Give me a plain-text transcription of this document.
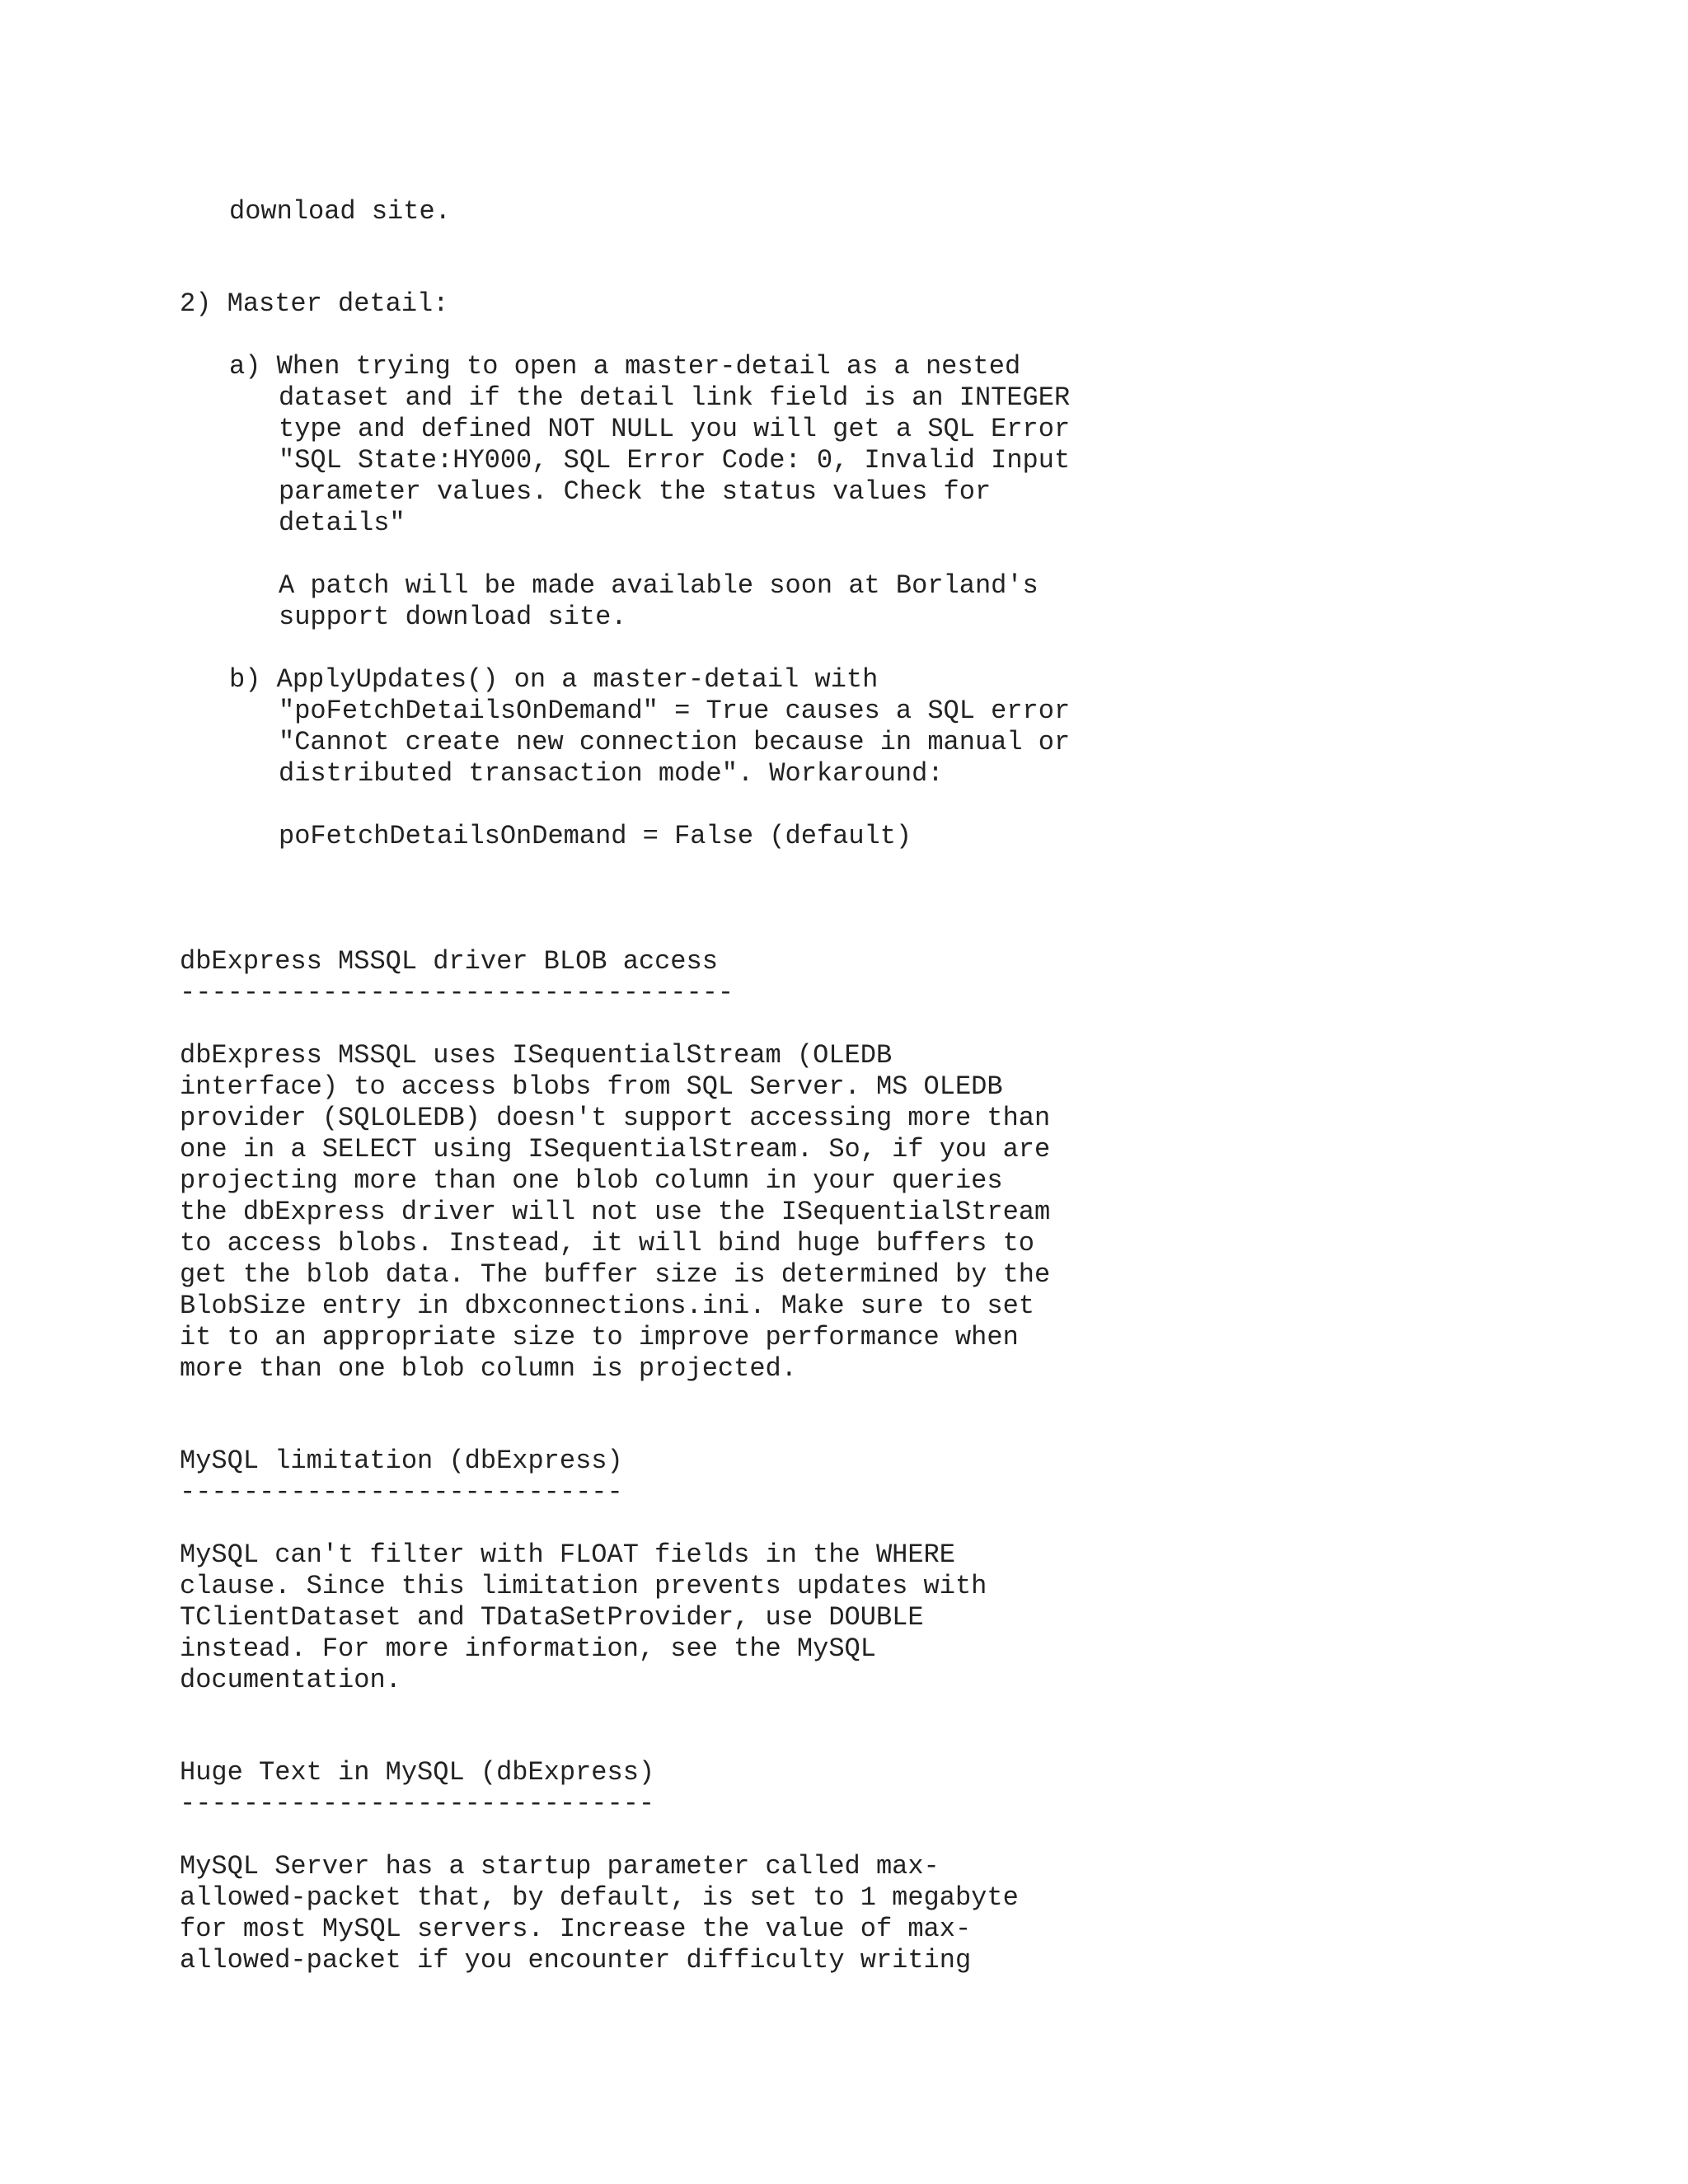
download site.

2) Master detail:

a) When trying to open a master-detail as a nested

dataset and if the detail link field is an INTEGER

type and defined NOT NULL you will get a SQL Error

"SQL State:HY000, SQL Error Code: 0, Invalid Input

parameter values. Check the status values for

details"

A patch will be made available soon at Borland's

support download site.

b) ApplyUpdates() on a master-detail with

"poFetchDetailsOnDemand" = True causes a SQL error

"Cannot create new connection because in manual or

distributed transaction mode". Workaround:

poFetchDetailsOnDemand = False (default)

dbExpress MSSQL driver BLOB access

-----------------------------------

dbExpress MSSQL uses ISequentialStream (OLEDB

interface) to access blobs from SQL Server. MS OLEDB

provider (SQLOLEDB) doesn't support accessing more than

one in a SELECT using ISequentialStream. So, if you are

projecting more than one blob column in your queries

the dbExpress driver will not use the ISequentialStream

to access blobs. Instead, it will bind huge buffers to

get the blob data. The buffer size is determined by the

BlobSize entry in dbxconnections.ini. Make sure to set

it to an appropriate size to improve performance when

more than one blob column is projected.

MySQL limitation (dbExpress)

----------------------------

MySQL can't filter with FLOAT fields in the WHERE

clause. Since this limitation prevents updates with

TClientDataset and TDataSetProvider, use DOUBLE

instead. For more information, see the MySQL

documentation.

Huge Text in MySQL (dbExpress)

------------------------------

MySQL Server has a startup parameter called max-

allowed-packet that, by default, is set to 1 megabyte

for most MySQL servers. Increase the value of max-

allowed-packet if you encounter difficulty writing
